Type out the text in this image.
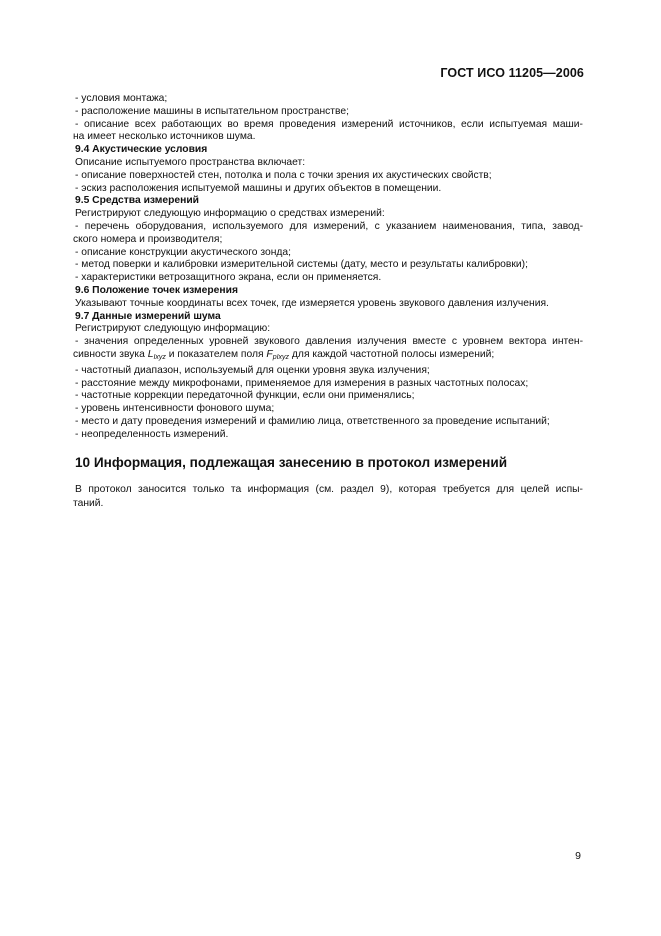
ГОСТ ИСО 11205—2006
- условия монтажа;
- расположение машины в испытательном пространстве;
- описание всех работающих во время проведения измерений источников, если испытуемая маши-
на имеет несколько источников шума.
9.4 Акустические условия
Описание испытуемого пространства включает:
- описание поверхностей стен, потолка и пола с точки зрения их акустических свойств;
- эскиз расположения испытуемой машины и других объектов в помещении.
9.5 Средства измерений
Регистрируют следующую информацию о средствах измерений:
- перечень оборудования, используемого для измерений, с указанием наименования, типа, завод-
ского номера и производителя;
- описание конструкции акустического зонда;
- метод поверки и калибровки измерительной системы (дату, место и результаты калибровки);
- характеристики ветрозащитного экрана, если он применяется.
9.6 Положение точек измерения
Указывают точные координаты всех точек, где измеряется уровень звукового давления излучения.
9.7 Данные измерений шума
Регистрируют следующую информацию:
- значения определенных уровней звукового давления излучения вместе с уровнем вектора интен-
сивности звука $L_{Ixyz}$ и показателем поля $F_{pIxyz}$ для каждой частотной полосы измерений;
- частотный диапазон, используемый для оценки уровня звука излучения;
- расстояние между микрофонами, применяемое для измерения в разных частотных полосах;
- частотные коррекции передаточной функции, если они применялись;
- уровень интенсивности фонового шума;
- место и дату проведения измерений и фамилию лица, ответственного за проведение испытаний;
- неопределенность измерений.
10 Информация, подлежащая занесению в протокол измерений
В протокол заносится только та информация (см. раздел 9), которая требуется для целей испы-
таний.
9
